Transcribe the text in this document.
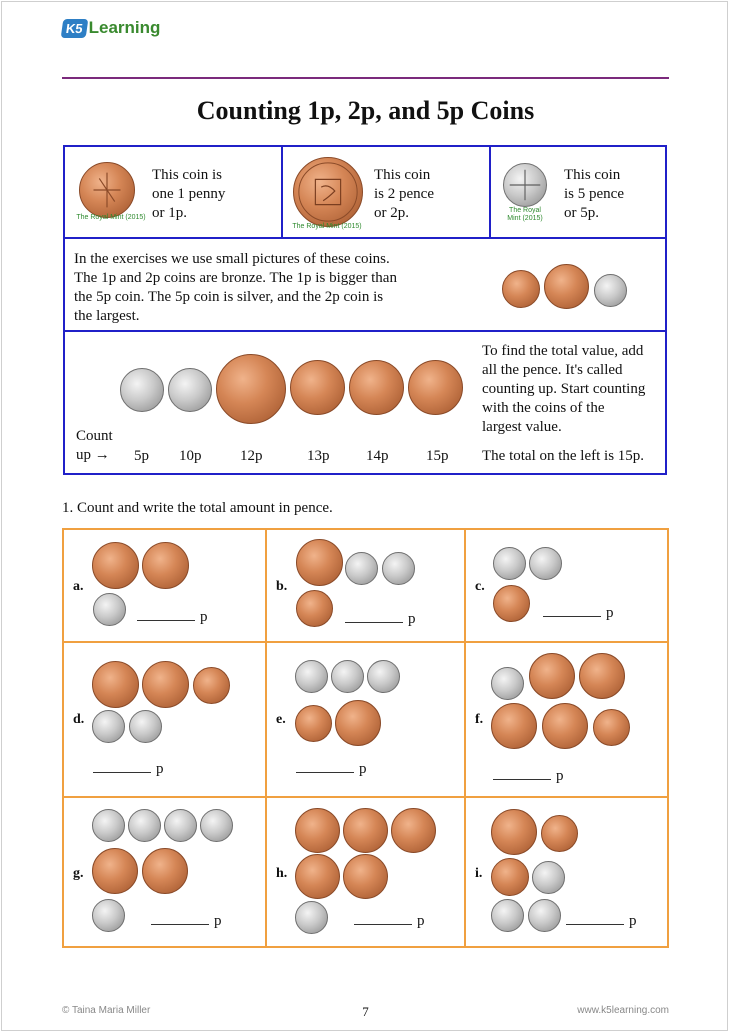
K5 Learning
Counting 1p, 2p, and 5p Coins
The Royal Mint (2015)
This coin is
one 1 penny
or 1p.
The Royal Mint (2015)
This coin
is 2 pence
or 2p.	The Royal
Mint (2015)
This coin
is 5 pence
or 5p.
In the exercises we use small pictures of these coins.
The 1p and 2p coins are bronze. The 1p is bigger than
the 5p coin. The 5p coin is silver, and the 2p coin is
the largest.
Count
up → 5p 10p	12p	13p 14p	15p
To find the total value, add
all the pence. It's called
counting up. Start counting
with the coins of the
largest value.
The total on the left is 15p.
1. Count and write the total amount in pence.
a.
p
b.
p
c.
p
d.
p
e.
p
f.
p
g.
p
h.
p
i.
p
© Taina Maria Miller	7	www.k5learning.com
